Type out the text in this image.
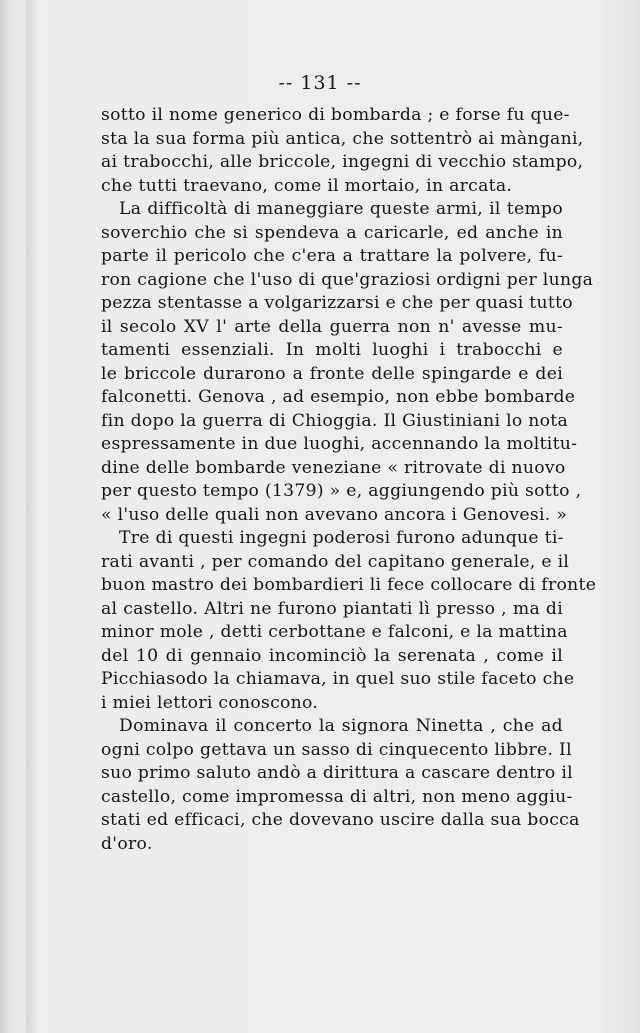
-- 131 --
sotto il nome generico di bombarda ; e forse fu que-
sta la sua forma più antica, che sottentrò ai màngani,
ai trabocchi, alle briccole, ingegni di vecchio stampo,
che tutti traevano, come il mortaio, in arcata.
La difficoltà di maneggiare queste armi, il tempo
soverchio che si spendeva a caricarle, ed anche in
parte il pericolo che c'era a trattare la polvere, fu-
ron cagione che l'uso di que'graziosi ordigni per lunga
pezza stentasse a volgarizzarsi e che per quasi tutto
il secolo XV l' arte della guerra non n' avesse mu-
tamenti essenziali. In molti luoghi i trabocchi e
le briccole durarono a fronte delle spingarde e dei
falconetti. Genova , ad esempio, non ebbe bombarde
fin dopo la guerra di Chioggia. Il Giustiniani lo nota
espressamente in due luoghi, accennando la moltitu-
dine delle bombarde veneziane « ritrovate di nuovo
per questo tempo (1379) » e, aggiungendo più sotto ,
« l'uso delle quali non avevano ancora i Genovesi. »
Tre di questi ingegni poderosi furono adunque ti-
rati avanti , per comando del capitano generale, e il
buon mastro dei bombardieri li fece collocare di fronte
al castello. Altri ne furono piantati lì presso , ma di
minor mole , detti cerbottane e falconi, e la mattina
del 10 di gennaio incominciò la serenata , come il
Picchiasodo la chiamava, in quel suo stile faceto che
i miei lettori conoscono.
Dominava il concerto la signora Ninetta , che ad
ogni colpo gettava un sasso di cinquecento libbre. Il
suo primo saluto andò a dirittura a cascare dentro il
castello, come impromessa di altri, non meno aggiu-
stati ed efficaci, che dovevano uscire dalla sua bocca
d'oro.
